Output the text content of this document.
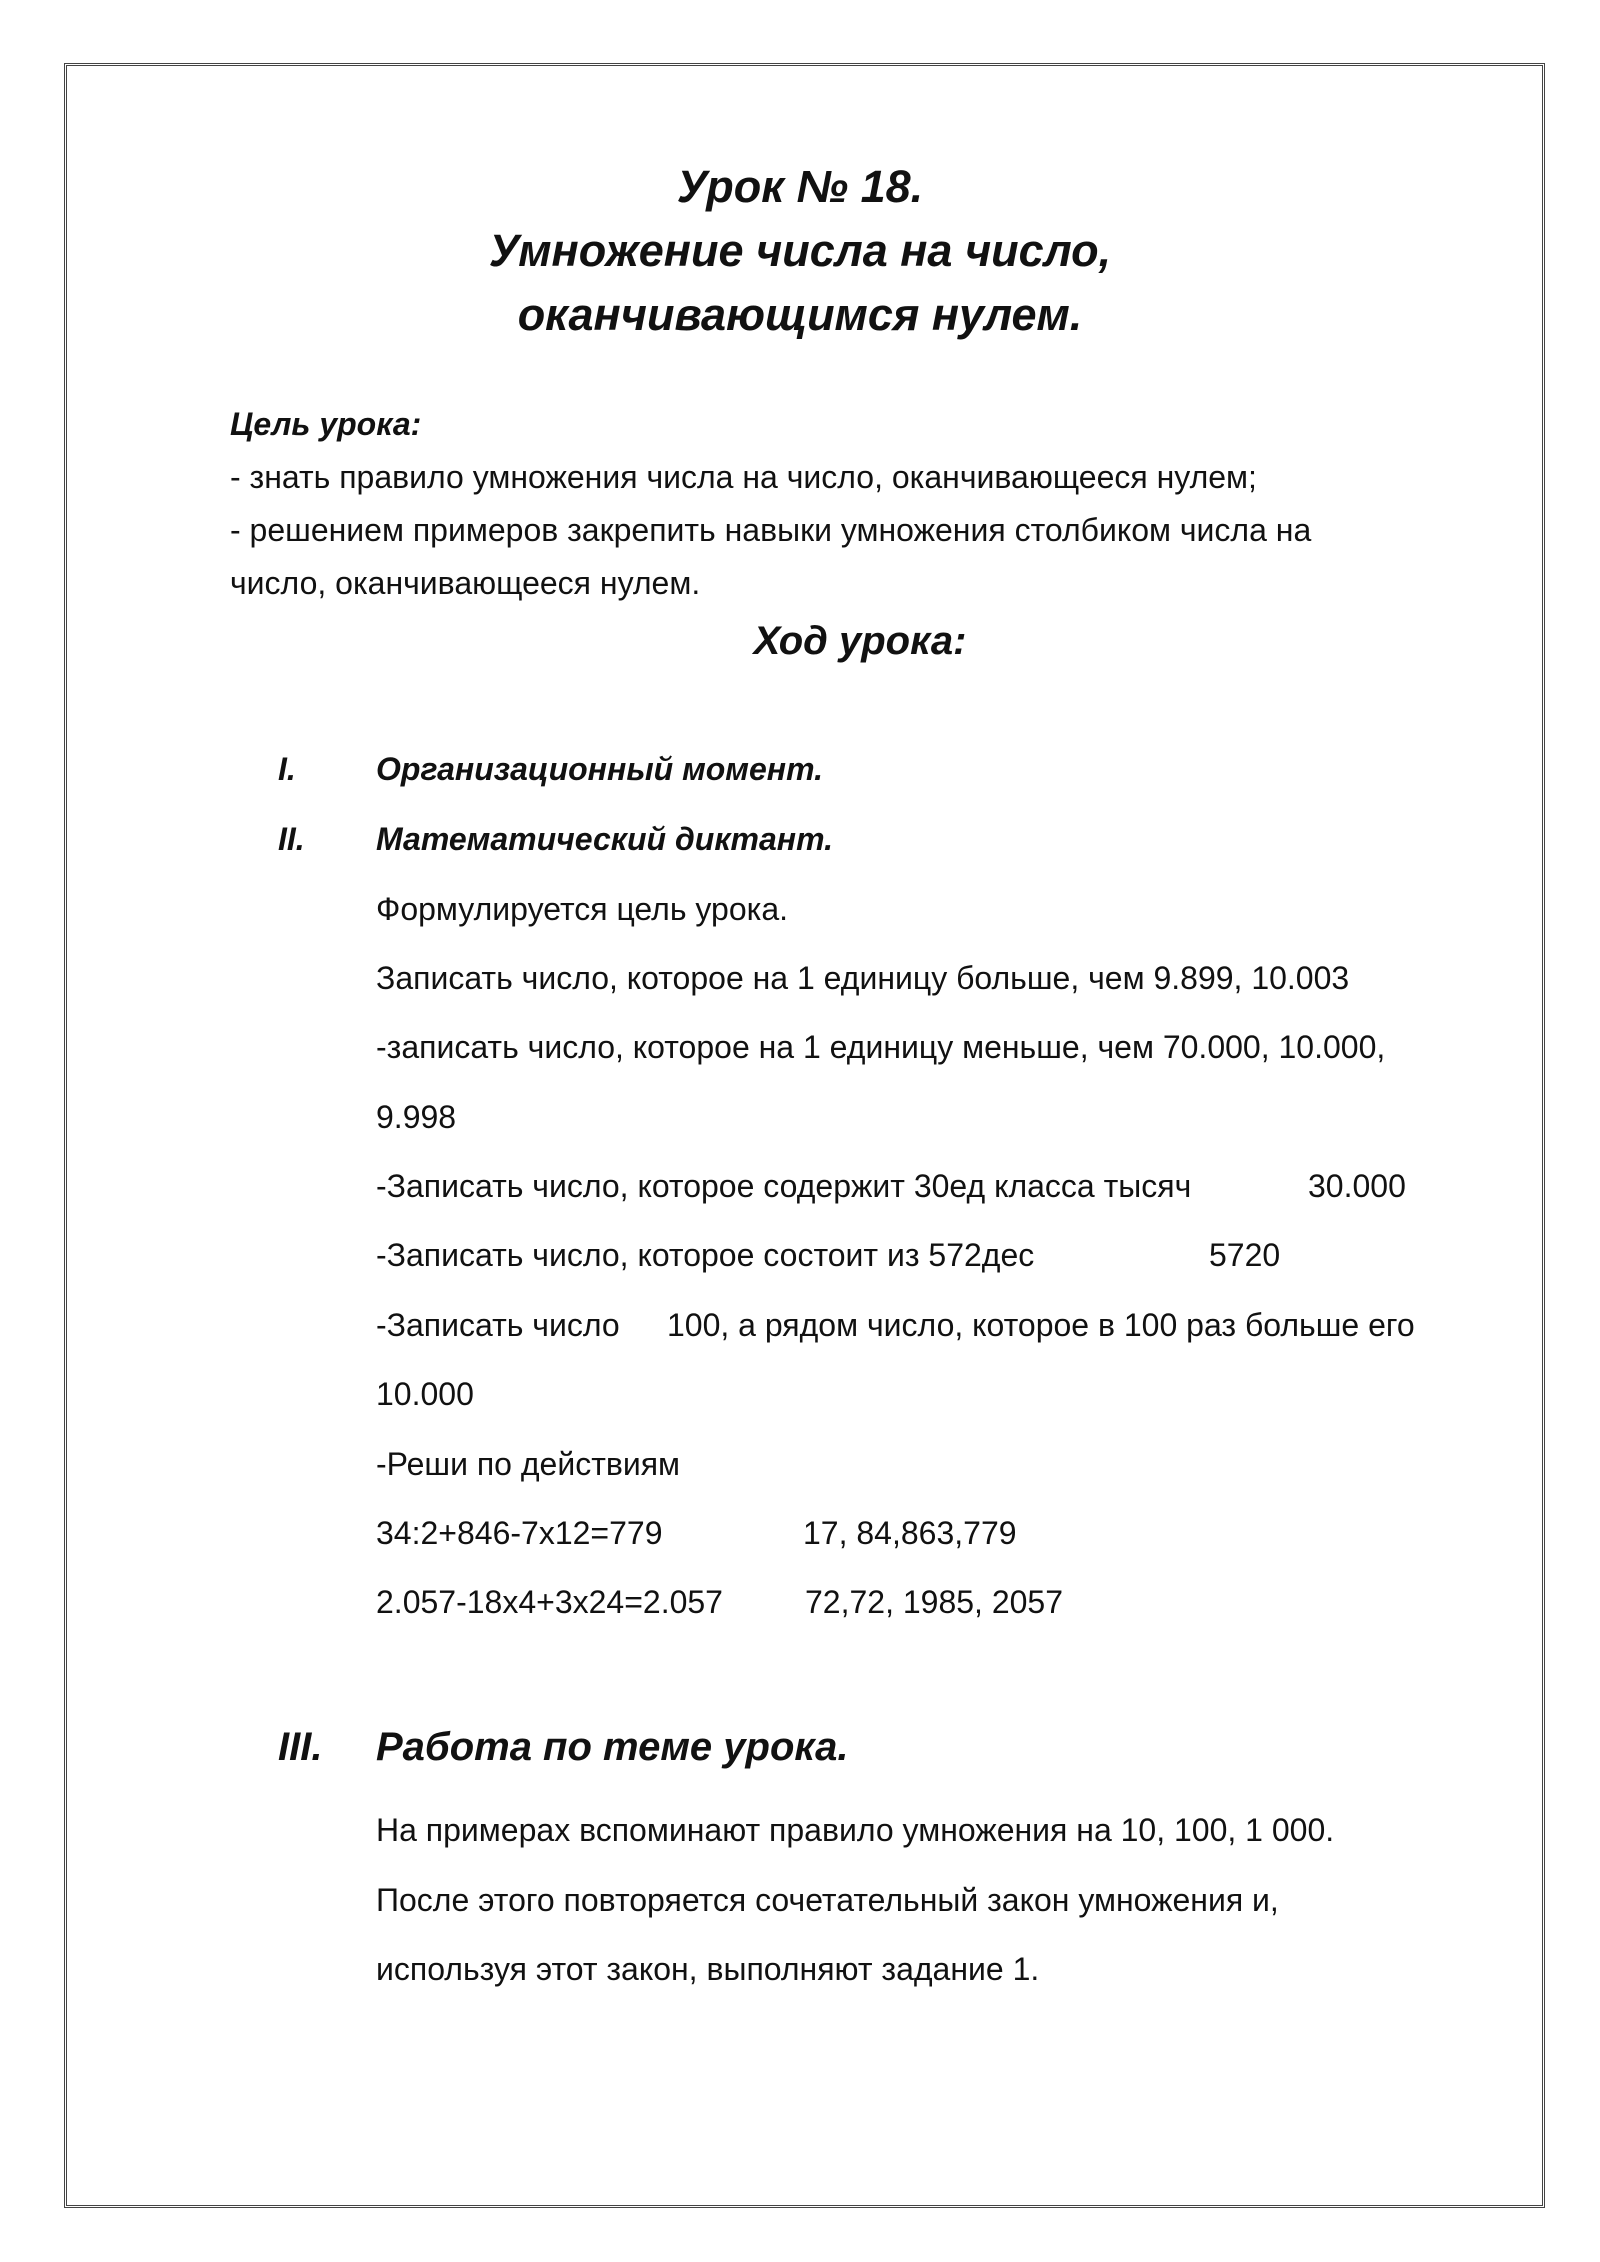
Урок № 18.
Умножение числа на число,
оканчивающимся нулем.
Цель урока:
- знать правило умножения числа на число, оканчивающееся нулем;
- решением примеров закрепить навыки умножения столбиком числа на
число, оканчивающееся нулем.
Ход урока:
I.	Организационный момент.
II. Математический диктант.
Формулируется цель урока.
Записать число, которое на 1 единицу больше, чем 9.899, 10.003
-записать число, которое на 1 единицу меньше, чем 70.000, 10.000,
9.998
-Записать число, которое содержит 30ед класса тысяч	30.000
-Записать число, которое состоит из 572дес	5720
-Записать число 100, а рядом число, которое в 100 раз больше его
10.000
-Реши по действиям
34:2+846-7x12=779	17, 84,863,779
2.057-18x4+3x24=2.057	72,72, 1985, 2057
III. Работа по теме урока.
На примерах вспоминают правило умножения на 10, 100, 1 000.
После этого повторяется сочетательный закон умножения и,
используя этот закон, выполняют задание 1.
